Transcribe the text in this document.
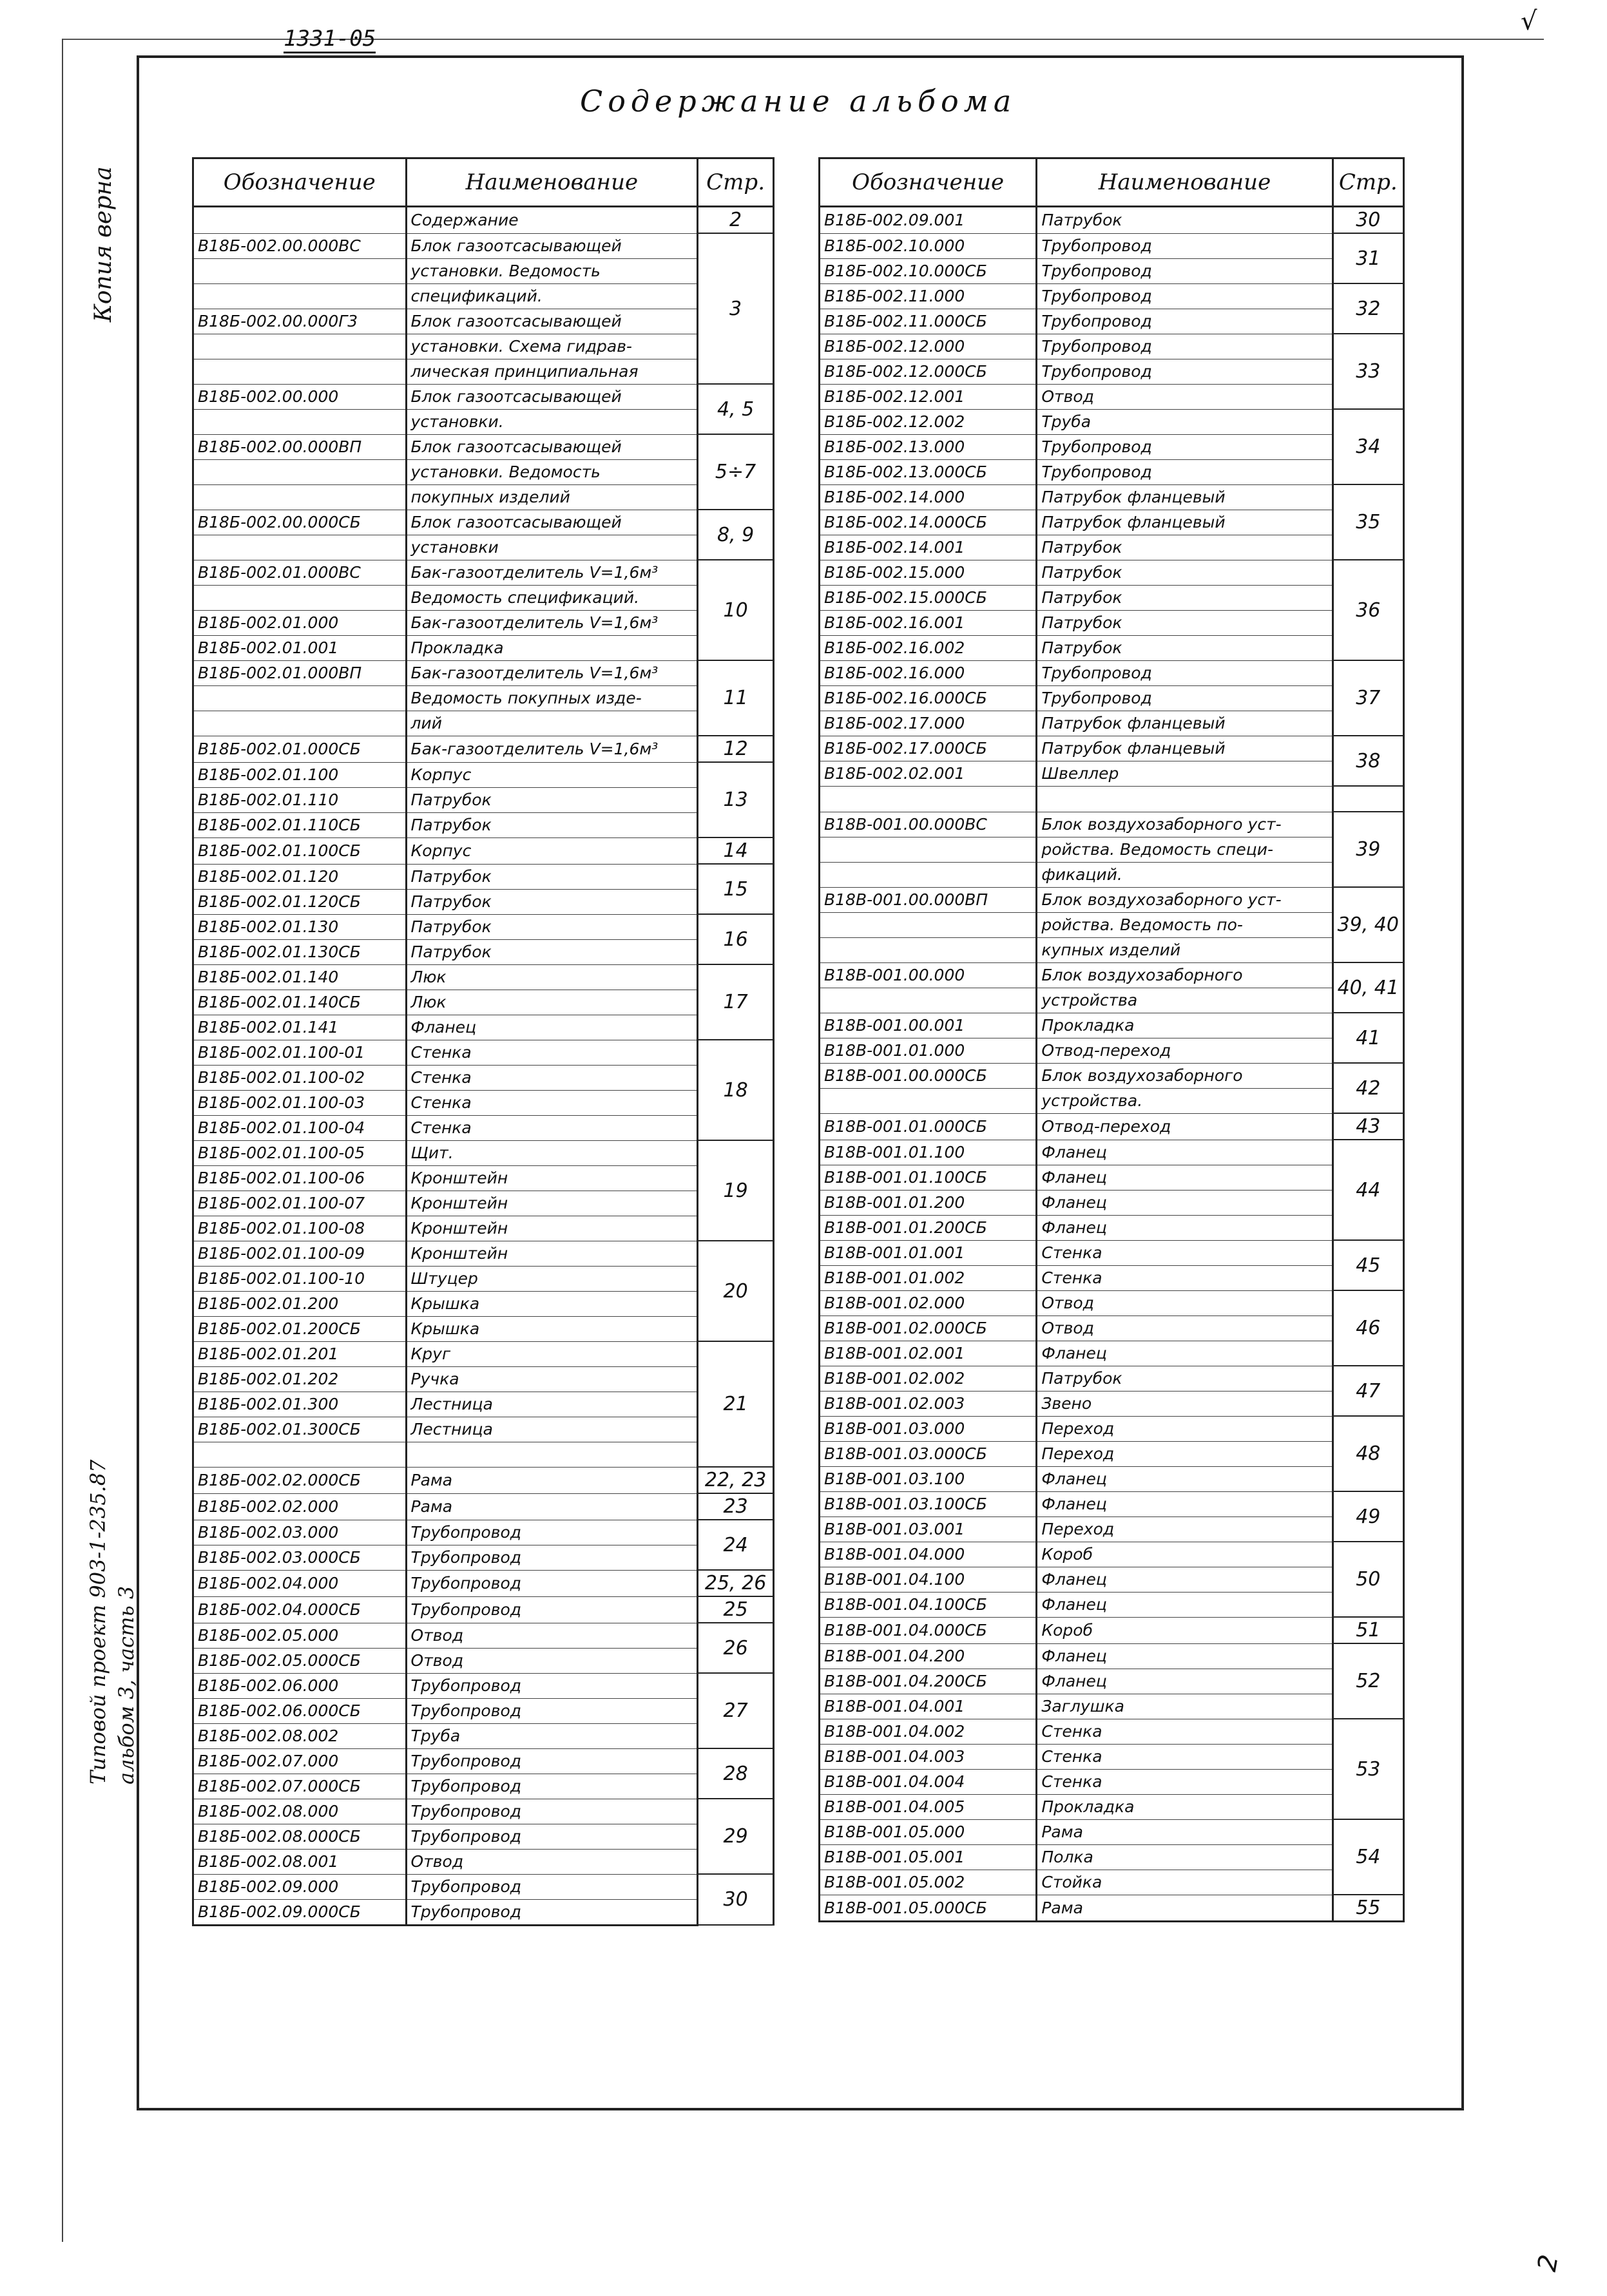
1331-05
√
Содержание альбома
Копия верна
Типовой проект 903-1-235.87 альбом 3, часть 3
Обозначение	Наименование	Стр.
	Содержание	2
В18Б-002.00.000ВС	Блок газоотсасывающей	3
	установки. Ведомость	
	спецификаций.	
В18Б-002.00.000Г3	Блок газоотсасывающей	
	установки. Схема гидрав-	
	лическая принципиальная	
В18Б-002.00.000	Блок газоотсасывающей	4, 5
	установки.	
В18Б-002.00.000ВП	Блок газоотсасывающей	5÷7
	установки. Ведомость	
	покупных изделий	
В18Б-002.00.000СБ	Блок газоотсасывающей	8, 9
	установки	
В18Б-002.01.000ВС	Бак-газоотделитель V=1,6м³	10
	Ведомость спецификаций.	
В18Б-002.01.000	Бак-газоотделитель V=1,6м³	
В18Б-002.01.001	Прокладка	
В18Б-002.01.000ВП	Бак-газоотделитель V=1,6м³	11
	Ведомость покупных изде-	
	лий	
В18Б-002.01.000СБ	Бак-газоотделитель V=1,6м³	12
В18Б-002.01.100	Корпус	13
В18Б-002.01.110	Патрубок	
В18Б-002.01.110СБ	Патрубок	
В18Б-002.01.100СБ	Корпус	14
В18Б-002.01.120	Патрубок	15
В18Б-002.01.120СБ	Патрубок	
В18Б-002.01.130	Патрубок	16
В18Б-002.01.130СБ	Патрубок	
В18Б-002.01.140	Люк	17
В18Б-002.01.140СБ	Люк	
В18Б-002.01.141	Фланец	
В18Б-002.01.100-01	Стенка	18
В18Б-002.01.100-02	Стенка	
В18Б-002.01.100-03	Стенка	
В18Б-002.01.100-04	Стенка	
В18Б-002.01.100-05	Щит.	19
В18Б-002.01.100-06	Кронштейн	
В18Б-002.01.100-07	Кронштейн	
В18Б-002.01.100-08	Кронштейн	
В18Б-002.01.100-09	Кронштейн	20
В18Б-002.01.100-10	Штуцер	
В18Б-002.01.200	Крышка	
В18Б-002.01.200СБ	Крышка	
В18Б-002.01.201	Круг	21
В18Б-002.01.202	Ручка	
В18Б-002.01.300	Лестница	
В18Б-002.01.300СБ	Лестница	

В18Б-002.02.000СБ	Рама	22, 23
В18Б-002.02.000	Рама	23
В18Б-002.03.000	Трубопровод	24
В18Б-002.03.000СБ	Трубопровод	
В18Б-002.04.000	Трубопровод	25, 26
В18Б-002.04.000СБ	Трубопровод	25
В18Б-002.05.000	Отвод	26
В18Б-002.05.000СБ	Отвод	
В18Б-002.06.000	Трубопровод	27
В18Б-002.06.000СБ	Трубопровод	
В18Б-002.08.002	Труба	
В18Б-002.07.000	Трубопровод	28
В18Б-002.07.000СБ	Трубопровод	
В18Б-002.08.000	Трубопровод	29
В18Б-002.08.000СБ	Трубопровод	
В18Б-002.08.001	Отвод	
В18Б-002.09.000	Трубопровод	30
В18Б-002.09.000СБ	Трубопровод	
Обозначение	Наименование	Стр.
В18Б-002.09.001	Патрубок	30
В18Б-002.10.000	Трубопровод	31
В18Б-002.10.000СБ	Трубопровод	
В18Б-002.11.000	Трубопровод	32
В18Б-002.11.000СБ	Трубопровод	
В18Б-002.12.000	Трубопровод	33
В18Б-002.12.000СБ	Трубопровод	
В18Б-002.12.001	Отвод	
В18Б-002.12.002	Труба	34
В18Б-002.13.000	Трубопровод	
В18Б-002.13.000СБ	Трубопровод	
В18Б-002.14.000	Патрубок фланцевый	35
В18Б-002.14.000СБ	Патрубок фланцевый	
В18Б-002.14.001	Патрубок	
В18Б-002.15.000	Патрубок	36
В18Б-002.15.000СБ	Патрубок	
В18Б-002.16.001	Патрубок	
В18Б-002.16.002	Патрубок	
В18Б-002.16.000	Трубопровод	37
В18Б-002.16.000СБ	Трубопровод	
В18Б-002.17.000	Патрубок фланцевый	
В18Б-002.17.000СБ	Патрубок фланцевый	38
В18Б-002.02.001	Швеллер	

В18В-001.00.000ВС	Блок воздухозаборного уст-	39
	ройства. Ведомость специ-	
	фикаций.	
В18В-001.00.000ВП	Блок воздухозаборного уст-	39, 40
	ройства. Ведомость по-	
	купных изделий	
В18В-001.00.000	Блок воздухозаборного	40, 41
	устройства	
В18В-001.00.001	Прокладка	41
В18В-001.01.000	Отвод-переход	
В18В-001.00.000СБ	Блок воздухозаборного	42
	устройства.	
В18В-001.01.000СБ	Отвод-переход	43
В18В-001.01.100	Фланец	44
В18В-001.01.100СБ	Фланец	
В18В-001.01.200	Фланец	
В18В-001.01.200СБ	Фланец	
В18В-001.01.001	Стенка	45
В18В-001.01.002	Стенка	
В18В-001.02.000	Отвод	46
В18В-001.02.000СБ	Отвод	
В18В-001.02.001	Фланец	
В18В-001.02.002	Патрубок	47
В18В-001.02.003	Звено	
В18В-001.03.000	Переход	48
В18В-001.03.000СБ	Переход	
В18В-001.03.100	Фланец	
В18В-001.03.100СБ	Фланец	49
В18В-001.03.001	Переход	
В18В-001.04.000	Короб	50
В18В-001.04.100	Фланец	
В18В-001.04.100СБ	Фланец	
В18В-001.04.000СБ	Короб	51
В18В-001.04.200	Фланец	52
В18В-001.04.200СБ	Фланец	
В18В-001.04.001	Заглушка	
В18В-001.04.002	Стенка	53
В18В-001.04.003	Стенка	
В18В-001.04.004	Стенка	
В18В-001.04.005	Прокладка	
В18В-001.05.000	Рама	54
В18В-001.05.001	Полка	
В18В-001.05.002	Стойка	
В18В-001.05.000СБ	Рама	55
2
